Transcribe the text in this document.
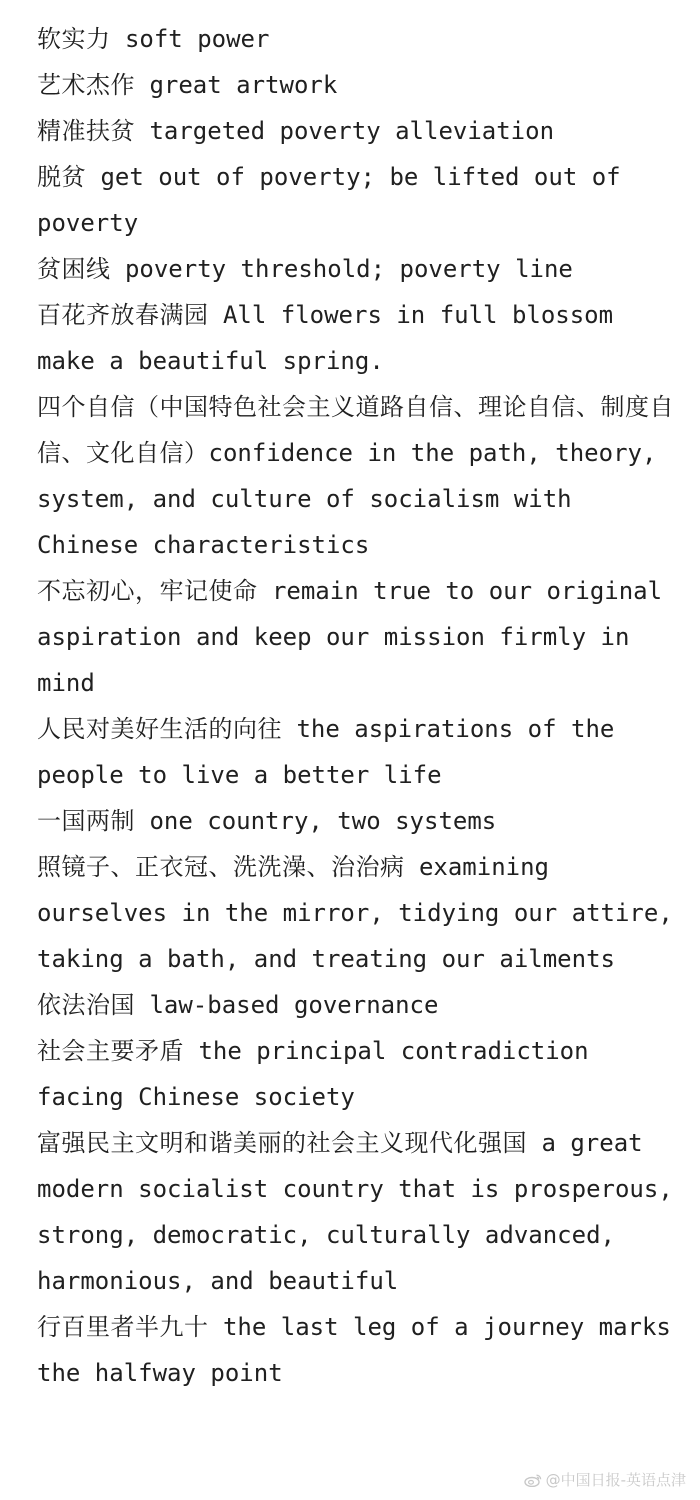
软实力 soft power
艺术杰作 great artwork
精准扶贫 targeted poverty alleviation
脱贫 get out of poverty; be lifted out of poverty
贫困线 poverty threshold; poverty line
百花齐放春满园 All flowers in full blossom make a beautiful spring.
四个自信（中国特色社会主义道路自信、理论自信、制度自信、文化自信）confidence in the path, theory, system, and culture of socialism with Chinese characteristics
不忘初心，牢记使命 remain true to our original aspiration and keep our mission firmly in mind
人民对美好生活的向往 the aspirations of the people to live a better life
一国两制 one country, two systems
照镜子、正衣冠、洗洗澡、治治病 examining ourselves in the mirror, tidying our attire, taking a bath, and treating our ailments
依法治国 law-based governance
社会主要矛盾 the principal contradiction facing Chinese society
富强民主文明和谐美丽的社会主义现代化强国 a great modern socialist country that is prosperous, strong, democratic, culturally advanced, harmonious, and beautiful
行百里者半九十 the last leg of a journey marks the halfway point
@中国日报-英语点津
